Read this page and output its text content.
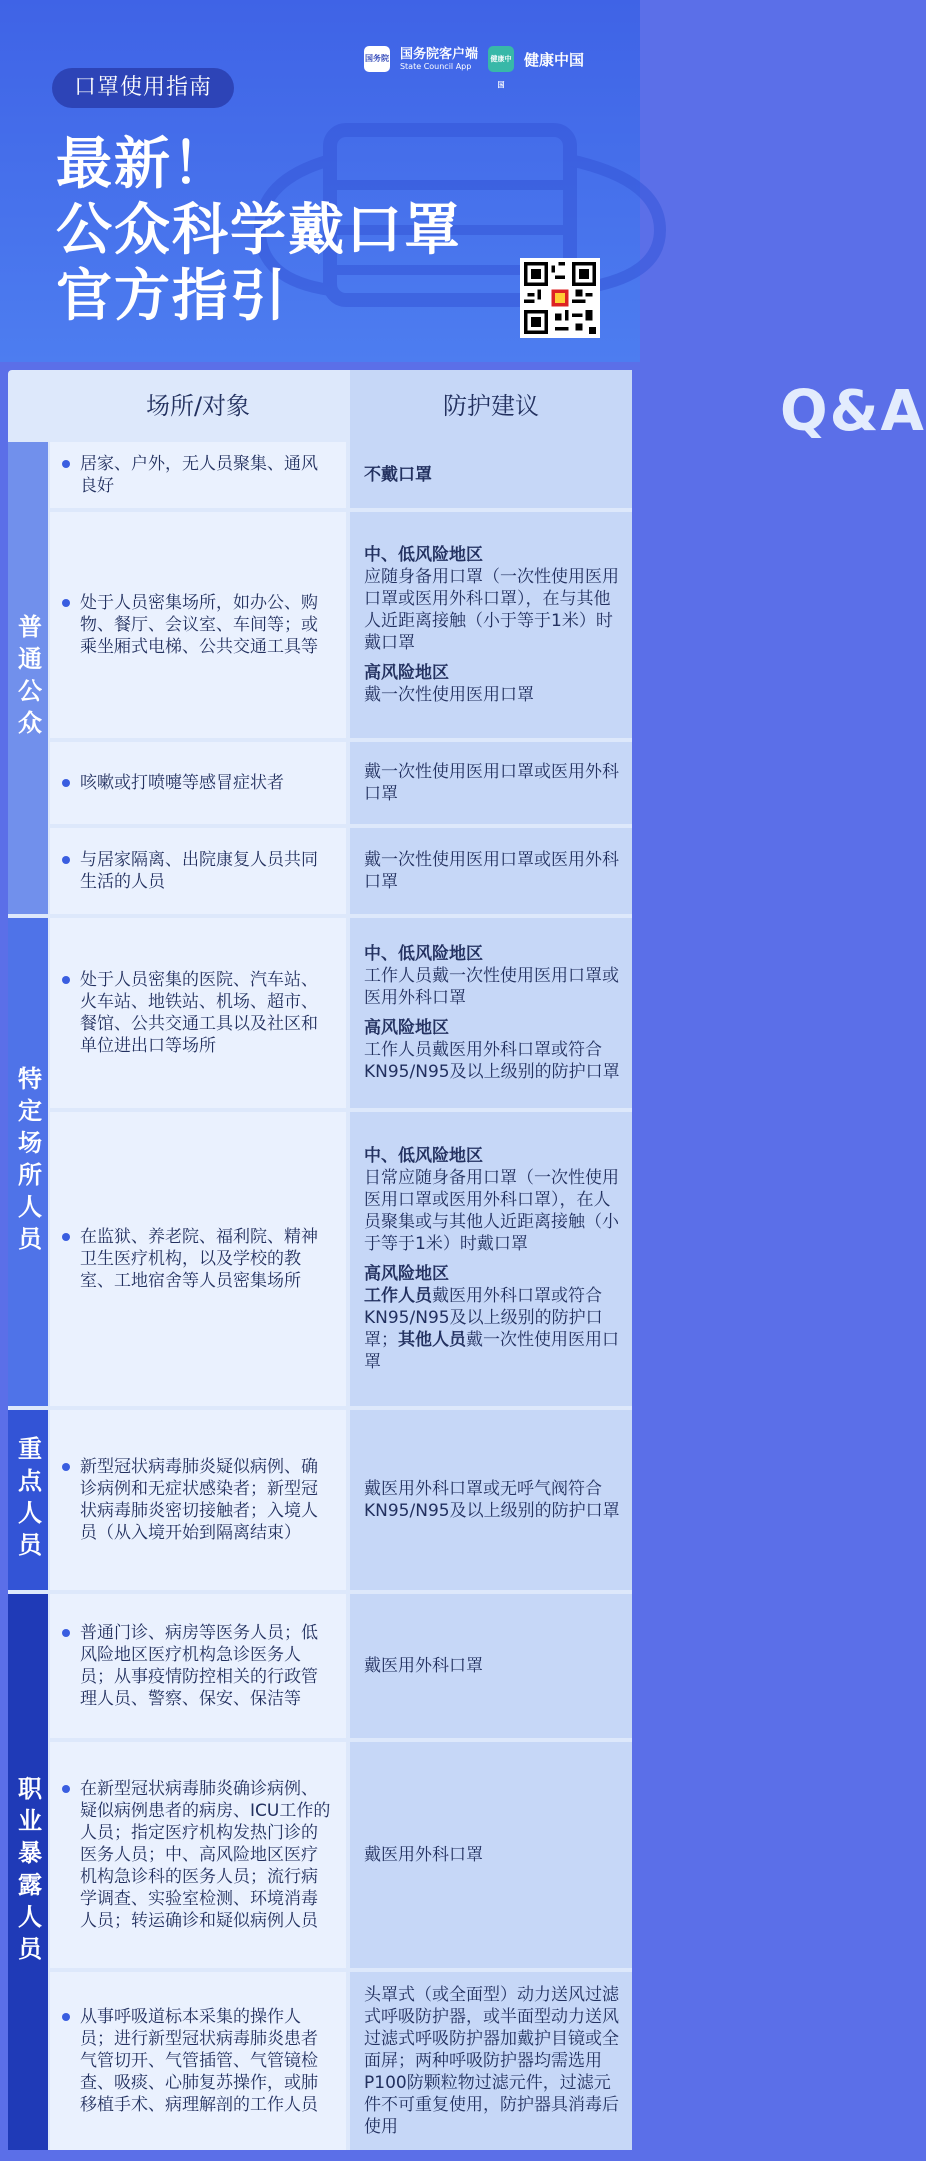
口罩使用指南
国务院 国务院客户端
State Council App
健康中国
健康中国
最新！
公众科学戴口罩
官方指引
场所/对象	Q&A
防护建议
普通公众
特定场所人员
重点人员
职业暴露人员
居家、户外，无人员聚集、通风良好
不戴口罩
处于人员密集场所，如办公、购物、餐厅、会议室、车间等；或乘坐厢式电梯、公共交通工具等
中、低风险地区
应随身备用口罩（一次性使用医用口罩或医用外科口罩），在与其他人近距离接触（小于等于1米）时戴口罩
高风险地区
戴一次性使用医用口罩
咳嗽或打喷嚏等感冒症状者
戴一次性使用医用口罩或医用外科口罩
与居家隔离、出院康复人员共同生活的人员
戴一次性使用医用口罩或医用外科口罩
处于人员密集的医院、汽车站、火车站、地铁站、机场、超市、餐馆、公共交通工具以及社区和单位进出口等场所
中、低风险地区
工作人员戴一次性使用医用口罩或医用外科口罩
高风险地区
工作人员戴医用外科口罩或符合KN95/N95及以上级别的防护口罩
在监狱、养老院、福利院、精神卫生医疗机构，以及学校的教室、工地宿舍等人员密集场所
中、低风险地区
日常应随身备用口罩（一次性使用医用口罩或医用外科口罩），在人员聚集或与其他人近距离接触（小于等于1米）时戴口罩
高风险地区
工作人员戴医用外科口罩或符合KN95/N95及以上级别的防护口罩；其他人员戴一次性使用医用口罩
新型冠状病毒肺炎疑似病例、确诊病例和无症状感染者；新型冠状病毒肺炎密切接触者；入境人员（从入境开始到隔离结束）
戴医用外科口罩或无呼气阀符合KN95/N95及以上级别的防护口罩
普通门诊、病房等医务人员；低风险地区医疗机构急诊医务人员；从事疫情防控相关的行政管理人员、警察、保安、保洁等
戴医用外科口罩
在新型冠状病毒肺炎确诊病例、疑似病例患者的病房、ICU工作的人员；指定医疗机构发热门诊的医务人员；中、高风险地区医疗机构急诊科的医务人员；流行病学调查、实验室检测、环境消毒人员；转运确诊和疑似病例人员
戴医用外科口罩
从事呼吸道标本采集的操作人员；进行新型冠状病毒肺炎患者气管切开、气管插管、气管镜检查、吸痰、心肺复苏操作，或肺移植手术、病理解剖的工作人员
头罩式（或全面型）动力送风过滤式呼吸防护器，或半面型动力送风过滤式呼吸防护器加戴护目镜或全面屏；两种呼吸防护器均需选用P100防颗粒物过滤元件，过滤元件不可重复使用，防护器具消毒后使用
